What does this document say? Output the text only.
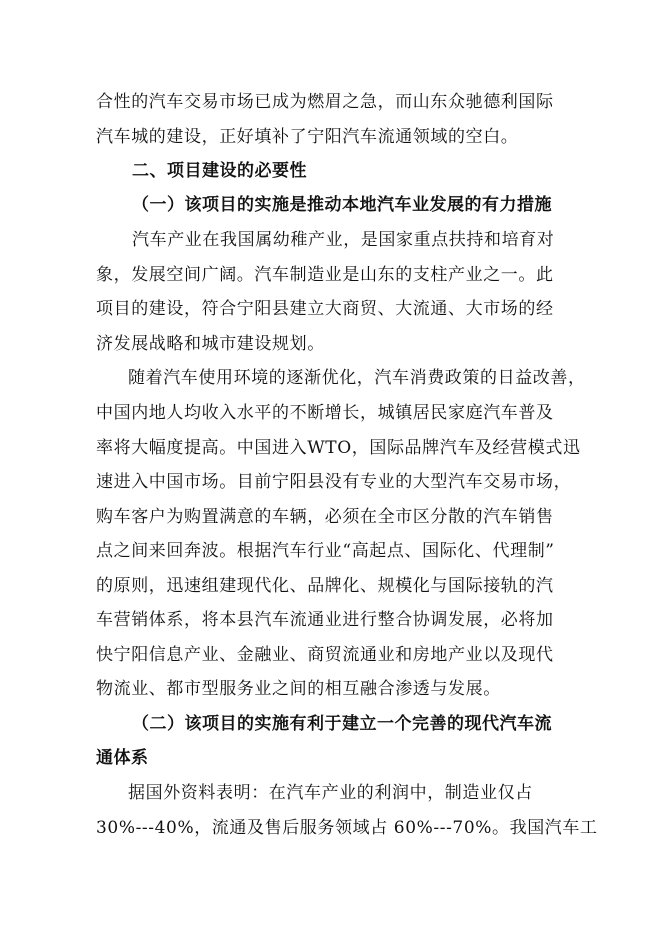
合性的汽车交易市场已成为燃眉之急，而山东众驰德利国际
汽车城的建设，正好填补了宁阳汽车流通领域的空白。
二、项目建设的必要性
（一）该项目的实施是推动本地汽车业发展的有力措施
汽车产业在我国属幼稚产业，是国家重点扶持和培育对
象，发展空间广阔。汽车制造业是山东的支柱产业之一。此
项目的建设，符合宁阳县建立大商贸、大流通、大市场的经
济发展战略和城市建设规划。
随着汽车使用环境的逐渐优化，汽车消费政策的日益改善，
中国内地人均收入水平的不断增长，城镇居民家庭汽车普及
率将大幅度提高。中国进入WTO，国际品牌汽车及经营模式迅
速进入中国市场。目前宁阳县没有专业的大型汽车交易市场，
购车客户为购置满意的车辆，必须在全市区分散的汽车销售
点之间来回奔波。根据汽车行业“高起点、国际化、代理制”
的原则，迅速组建现代化、品牌化、规模化与国际接轨的汽
车营销体系，将本县汽车流通业进行整合协调发展，必将加
快宁阳信息产业、金融业、商贸流通业和房地产业以及现代
物流业、都市型服务业之间的相互融合渗透与发展。
（二）该项目的实施有利于建立一个完善的现代汽车流
通体系
据国外资料表明：在汽车产业的利润中，制造业仅占
30%---40%，流通及售后服务领域占 60%---70%。我国汽车工
